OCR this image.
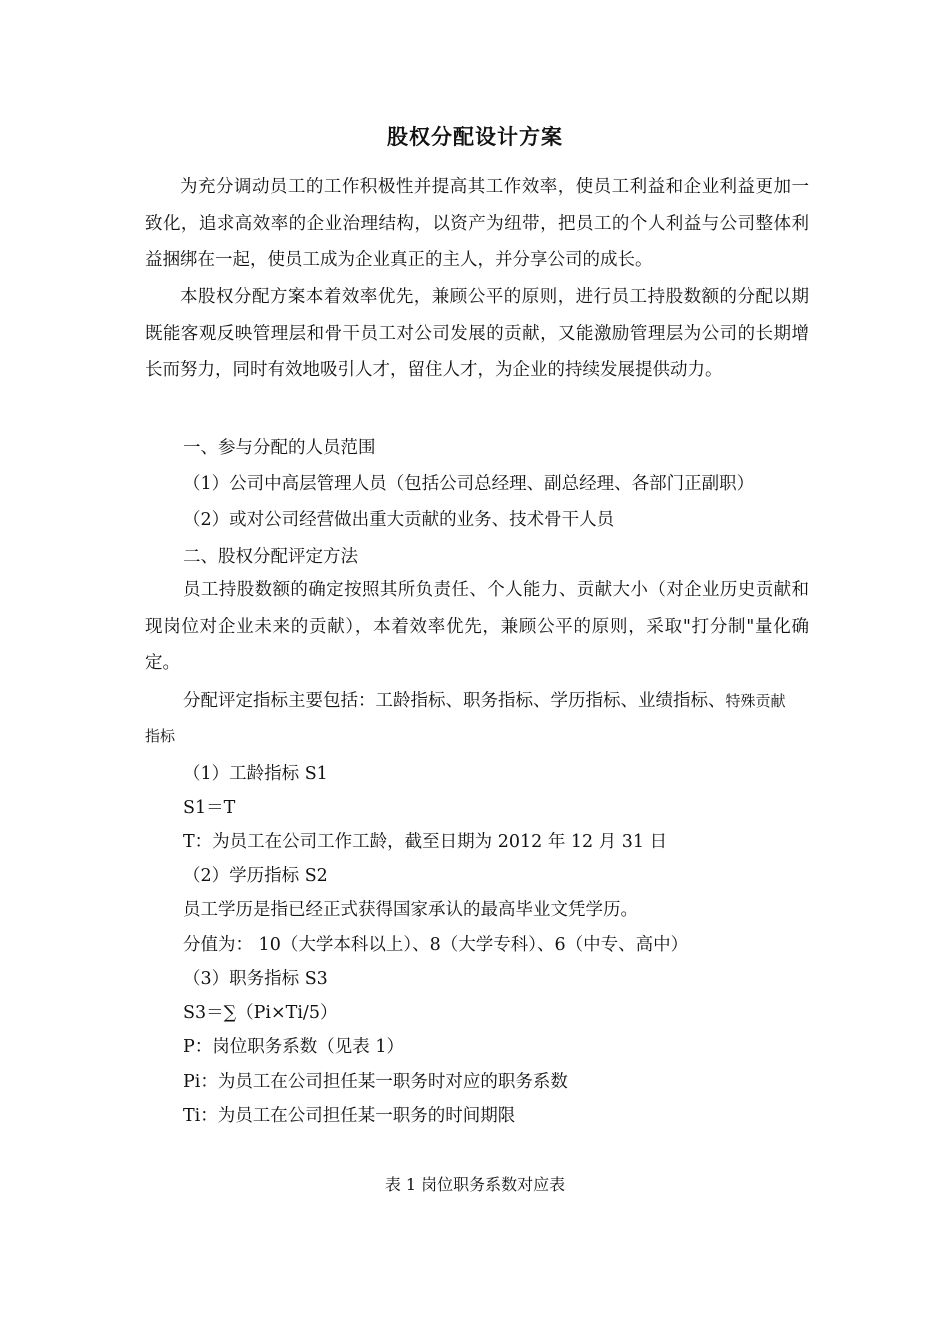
股权分配设计方案
为充分调动员工的工作积极性并提高其工作效率，使员工利益和企业利益更加一致化，追求高效率的企业治理结构，以资产为纽带，把员工的个人利益与公司整体利益捆绑在一起，使员工成为企业真正的主人，并分享公司的成长。
本股权分配方案本着效率优先，兼顾公平的原则，进行员工持股数额的分配以期既能客观反映管理层和骨干员工对公司发展的贡献，又能激励管理层为公司的长期增长而努力，同时有效地吸引人才，留住人才，为企业的持续发展提供动力。
一、参与分配的人员范围
（1）公司中高层管理人员（包括公司总经理、副总经理、各部门正副职）
（2）或对公司经营做出重大贡献的业务、技术骨干人员
二、股权分配评定方法
员工持股数额的确定按照其所负责任、个人能力、贡献大小（对企业历史贡献和现岗位对企业未来的贡献），本着效率优先，兼顾公平的原则，采取"打分制"量化确定。
分配评定指标主要包括：工龄指标、职务指标、学历指标、业绩指标、特殊贡献
指标
（1）工龄指标 S1
S1＝T
T：为员工在公司工作工龄，截至日期为 2012 年 12 月 31 日
（2）学历指标 S2
员工学历是指已经正式获得国家承认的最高毕业文凭学历。
分值为： 10（大学本科以上）、8（大学专科）、6（中专、高中）
（3）职务指标 S3
S3＝∑（Pi×Ti/5）
P：岗位职务系数（见表 1）
Pi：为员工在公司担任某一职务时对应的职务系数
Ti：为员工在公司担任某一职务的时间期限
表 1 岗位职务系数对应表
